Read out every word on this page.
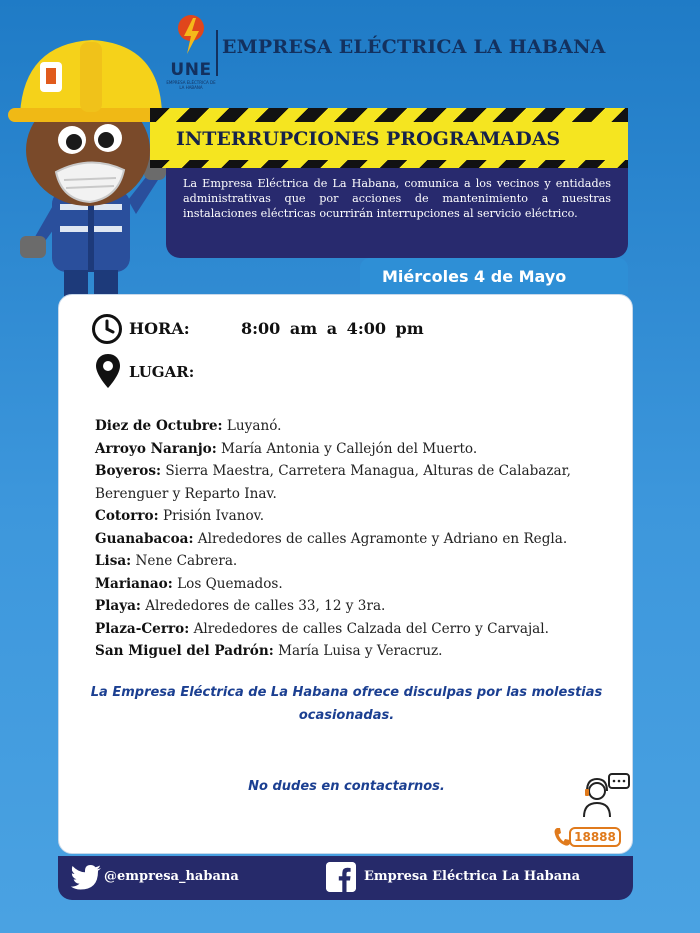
UNE
EMPRESA ELÉCTRICA DE LA HABANA
EMPRESA ELÉCTRICA LA HABANA
INTERRUPCIONES PROGRAMADAS

La Empresa Eléctrica de La Habana, comunica a los vecinos y entidades administrativas que por acciones de mantenimiento a nuestras instalaciones eléctricas ocurrirán interrupciones al servicio eléctrico.

Miércoles 4 de Mayo
HORA:	8:00 am a 4:00 pm
LUGAR:
Diez de Octubre: Luyanó.
Arroyo Naranjo: María Antonia y Callejón del Muerto.
Boyeros: Sierra Maestra, Carretera Managua, Alturas de Calabazar, Berenguer y Reparto Inav.
Cotorro: Prisión Ivanov.
Guanabacoa: Alrededores de calles Agramonte y Adriano en Regla.
Lisa: Nene Cabrera.
Marianao: Los Quemados.
Playa: Alrededores de calles 33, 12 y 3ra.
Plaza-Cerro: Alrededores de calles Calzada del Cerro y Carvajal.
San Miguel del Padrón: María Luisa y Veracruz.
La Empresa Eléctrica de La Habana ofrece disculpas por las molestias ocasionadas.
No dudes en contactarnos.
18888
@empresa_habana	Empresa Eléctrica La Habana
